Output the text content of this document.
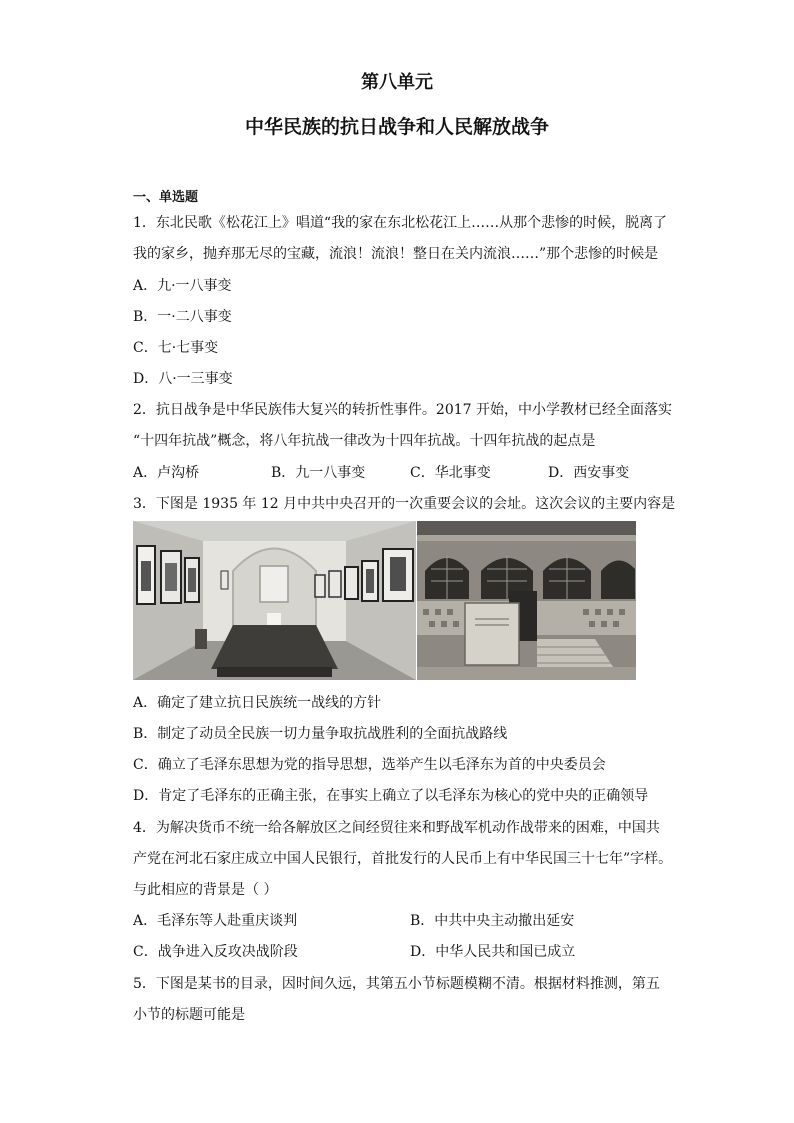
第八单元
中华民族的抗日战争和人民解放战争
一、单选题
1．东北民歌《松花江上》唱道“我的家在东北松花江上……从那个悲惨的时候，脱离了
我的家乡，抛弃那无尽的宝藏，流浪！流浪！整日在关内流浪……”那个悲惨的时候是
A．九·一八事变
B．一·二八事变
C．七·七事变
D．八·一三事变
2．抗日战争是中华民族伟大复兴的转折性事件。2017 开始，中小学教材已经全面落实
“十四年抗战”概念，将八年抗战一律改为十四年抗战。十四年抗战的起点是
A．卢沟桥	B．九一八事变	C．华北事变	D．西安事变
3．下图是 1935 年 12 月中共中央召开的一次重要会议的会址。这次会议的主要内容是
A．确定了建立抗日民族统一战线的方针
B．制定了动员全民族一切力量争取抗战胜利的全面抗战路线
C．确立了毛泽东思想为党的指导思想，选举产生以毛泽东为首的中央委员会
D．肯定了毛泽东的正确主张，在事实上确立了以毛泽东为核心的党中央的正确领导
4．为解决货币不统一给各解放区之间经贸往来和野战军机动作战带来的困难，中国共
产党在河北石家庄成立中国人民银行，首批发行的人民币上有中华民国三十七年”字样。
与此相应的背景是（ ）
A．毛泽东等人赴重庆谈判	B．中共中央主动撤出延安
C．战争进入反攻决战阶段	D．中华人民共和国已成立
5．下图是某书的目录，因时间久远，其第五小节标题模糊不清。根据材料推测，第五
小节的标题可能是
